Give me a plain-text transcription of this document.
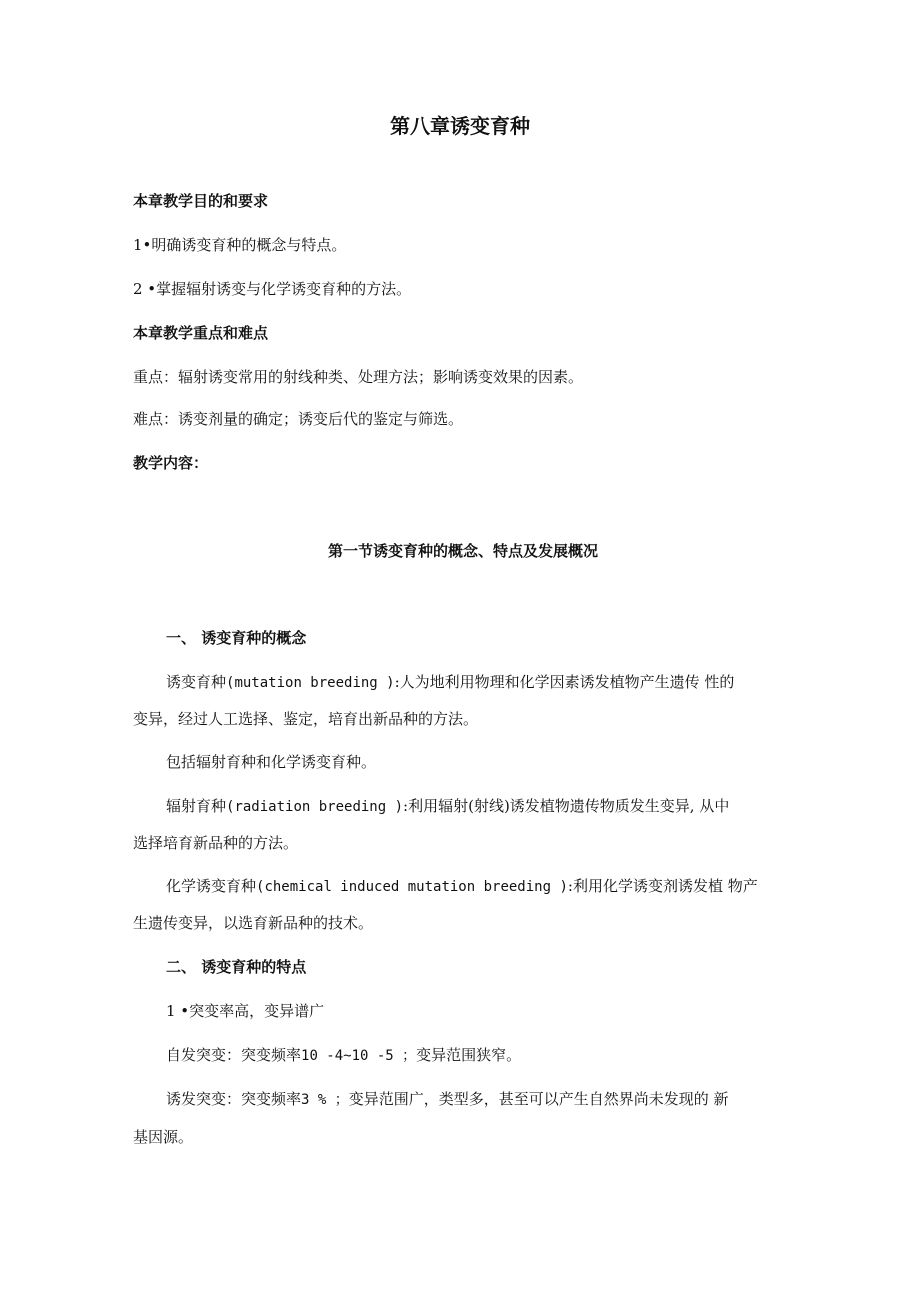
第八章诱变育种
本章教学目的和要求
1•明确诱变育种的概念与特点。
2 •掌握辐射诱变与化学诱变育种的方法。
本章教学重点和难点
重点：辐射诱变常用的射线种类、处理方法；影响诱变效果的因素。
难点：诱变剂量的确定；诱变后代的鉴定与筛选。
教学内容：
第一节诱变育种的概念、特点及发展概况
一、 诱变育种的概念
诱变育种(mutation breeding ):人为地利用物理和化学因素诱发植物产生遗传 性的
变异，经过人工选择、鉴定，培育出新品种的方法。
包括辐射育种和化学诱变育种。
辐射育种(radiation breeding ):利用辐射(射线)诱发植物遗传物质发生变异, 从中
选择培育新品种的方法。
化学诱变育种(chemical induced mutation breeding ):利用化学诱变剂诱发植 物产
生遗传变异，以选育新品种的技术。
二、 诱变育种的特点
1 •突变率高，变异谱广
自发突变：突变频率10 -4~10 -5 ；变异范围狭窄。
诱发突变：突变频率3 % ；变异范围广，类型多，甚至可以产生自然界尚未发现的 新
基因源。
